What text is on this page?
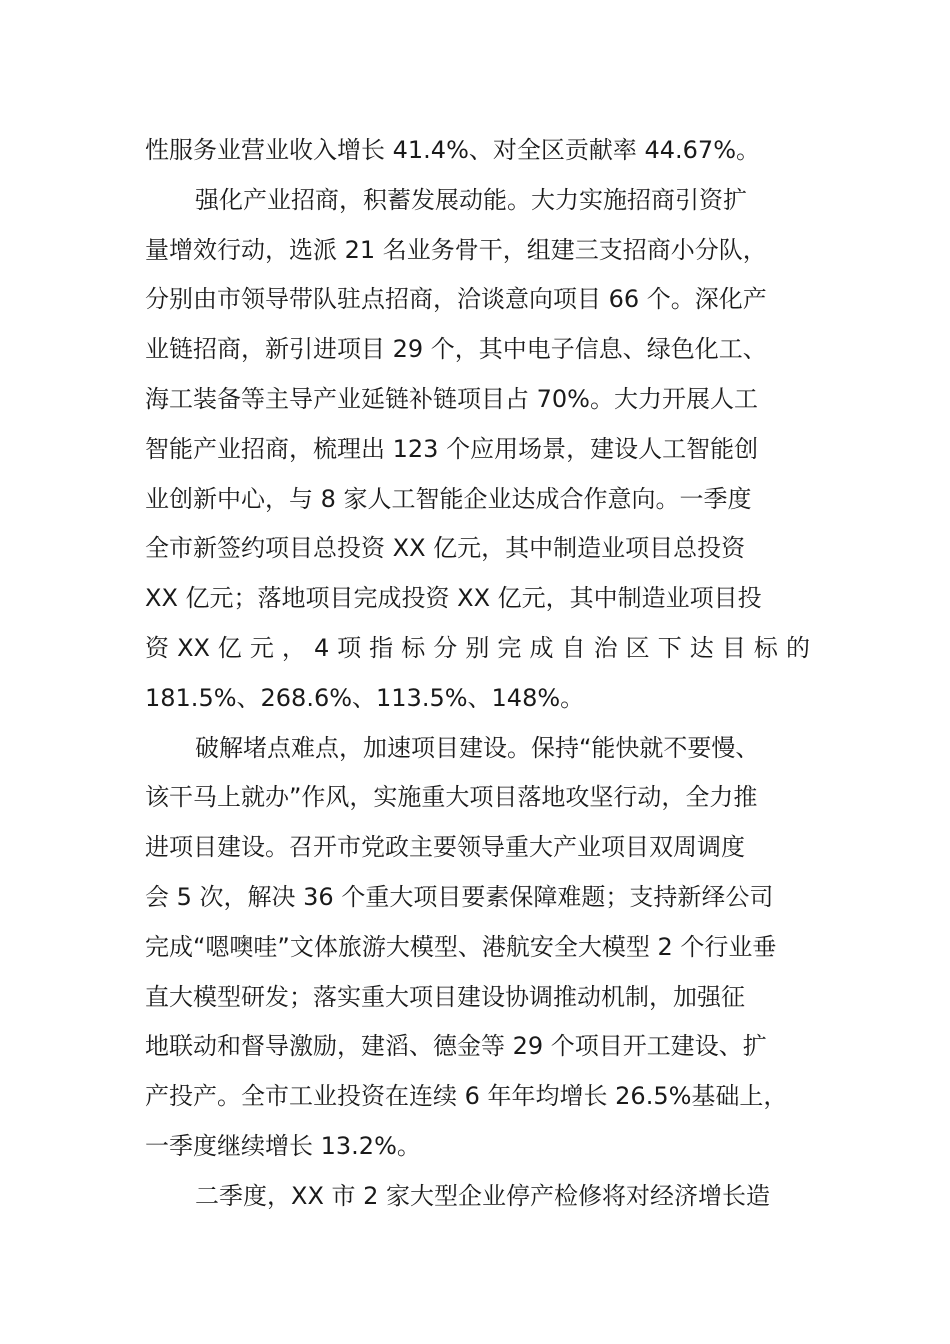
性服务业营业收入增长 41.4%、对全区贡献率 44.67%。
强化产业招商，积蓄发展动能。大力实施招商引资扩
量增效行动，选派 21 名业务骨干，组建三支招商小分队，
分别由市领导带队驻点招商，洽谈意向项目 66 个。深化产
业链招商，新引进项目 29 个，其中电子信息、绿色化工、
海工装备等主导产业延链补链项目占 70%。大力开展人工
智能产业招商，梳理出 123 个应用场景，建设人工智能创
业创新中心，与 8 家人工智能企业达成合作意向。一季度
全市新签约项目总投资 XX 亿元，其中制造业项目总投资
XX 亿元；落地项目完成投资 XX 亿元，其中制造业项目投
资 XX 亿 元 ， 4 项 指 标 分 别 完 成 自 治 区 下 达 目 标 的
181.5%、268.6%、113.5%、148%。
破解堵点难点，加速项目建设。保持“能快就不要慢、
该干马上就办”作风，实施重大项目落地攻坚行动，全力推
进项目建设。召开市党政主要领导重大产业项目双周调度
会 5 次，解决 36 个重大项目要素保障难题；支持新绎公司
完成“嗯噢哇”文体旅游大模型、港航安全大模型 2 个行业垂
直大模型研发；落实重大项目建设协调推动机制，加强征
地联动和督导激励，建滔、德金等 29 个项目开工建设、扩
产投产。全市工业投资在连续 6 年年均增长 26.5%基础上，
一季度继续增长 13.2%。
二季度，XX 市 2 家大型企业停产检修将对经济增长造
